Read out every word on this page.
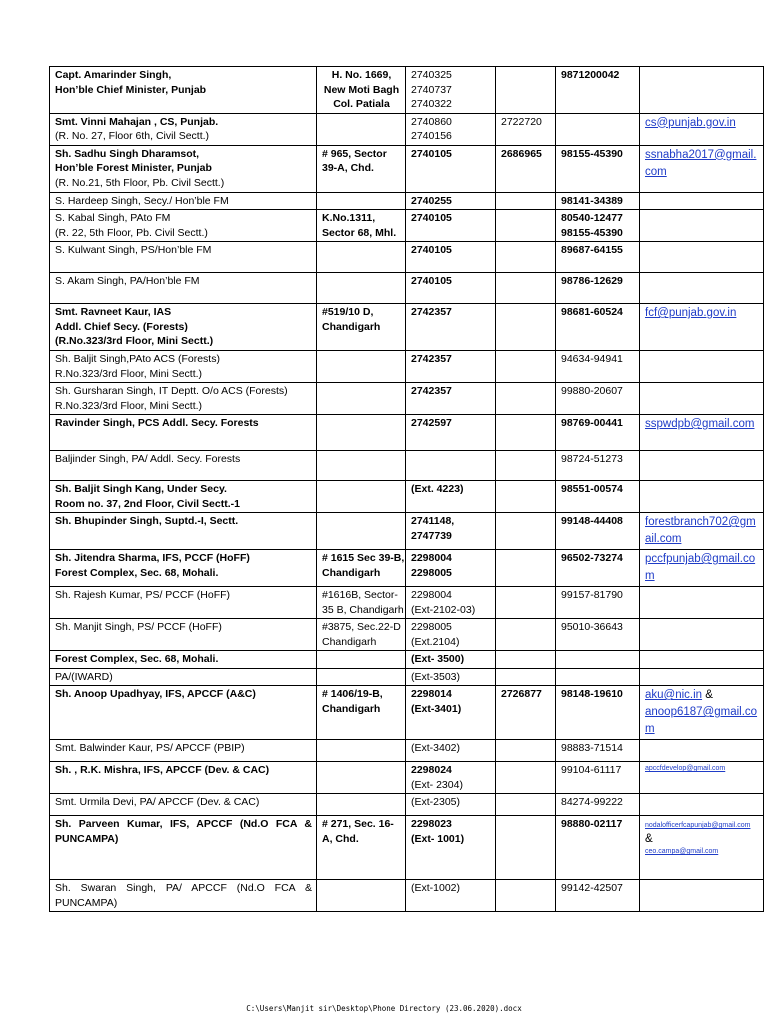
Capt. Amarinder Singh,
Hon’ble Chief Minister, Punjab	H. No. 1669,
New Moti Bagh
Col. Patiala	2740325
2740737
2740322		9871200042	

Smt. Vinni Mahajan , CS, Punjab.
(R. No. 27, Floor 6th, Civil Sectt.)		2740860
2740156	2722720		cs@punjab.gov.in

Sh. Sadhu Singh Dharamsot,
Hon’ble Forest Minister, Punjab
(R. No.21, 5th Floor, Pb. Civil Sectt.)	# 965, Sector
39-A, Chd.	2740105	2686965	98155-45390	ssnabha2017@gmail.com

S. Hardeep Singh, Secy./ Hon’ble FM		2740255		98141-34389	

S. Kabal Singh, PAto FM
(R. 22, 5th Floor, Pb. Civil Sectt.)	K.No.1311,
Sector 68, Mhl.	2740105		80540-12477
98155-45390	

S. Kulwant Singh, PS/Hon’ble FM		2740105		89687-64155	

S. Akam Singh, PA/Hon’ble FM		2740105		98786-12629	

Smt. Ravneet Kaur, IAS
Addl. Chief Secy. (Forests)
(R.No.323/3rd Floor, Mini Sectt.)	#519/10 D,
Chandigarh	2742357		98681-60524	fcf@punjab.gov.in

Sh. Baljit Singh,PAto ACS (Forests)
R.No.323/3rd Floor, Mini Sectt.)		2742357		94634-94941	

Sh. Gursharan Singh, IT Deptt. O/o ACS (Forests)
R.No.323/3rd Floor, Mini Sectt.)		2742357		99880-20607	

Ravinder Singh, PCS Addl. Secy. Forests		2742597		98769-00441	sspwdpb@gmail.com

Baljinder Singh, PA/ Addl. Secy. Forests				98724-51273	

Sh. Baljit Singh Kang, Under Secy.
Room no. 37, 2nd Floor, Civil Sectt.-1		(Ext. 4223)		98551-00574	

Sh. Bhupinder Singh, Suptd.-I, Sectt.		2741148,
2747739		99148-44408	forestbranch702@gmail.com

Sh. Jitendra Sharma, IFS, PCCF (HoFF)
Forest Complex, Sec. 68, Mohali.	# 1615 Sec 39-B,
Chandigarh	2298004
2298005		96502-73274	pccfpunjab@gmail.com

Sh. Rajesh Kumar, PS/ PCCF (HoFF)	#1616B, Sector-
35 B, Chandigarh	2298004
(Ext-2102-03)		99157-81790	

Sh. Manjit Singh, PS/ PCCF (HoFF)	#3875, Sec.22-D
Chandigarh	2298005
(Ext.2104)		95010-36643	

Forest Complex, Sec. 68, Mohali.		(Ext- 3500)			

PA/(IWARD)		(Ext-3503)			

Sh. Anoop Upadhyay, IFS, APCCF (A&C)	# 1406/19-B,
Chandigarh	2298014
(Ext-3401)	2726877	98148-19610	aku@nic.in &
anoop6187@gmail.com

Smt. Balwinder Kaur, PS/ APCCF (PBIP)		(Ext-3402)		98883-71514	

Sh. , R.K. Mishra, IFS, APCCF (Dev. & CAC)		2298024
(Ext- 2304)		99104-61117	apccfdevelop@gmail.com

Smt. Urmila Devi, PA/ APCCF (Dev. & CAC)		(Ext-2305)		84274-99222	

Sh. Parveen Kumar, IFS, APCCF (Nd.O FCA & PUNCAMPA)	# 271, Sec. 16-
A, Chd.	2298023
(Ext- 1001)		98880-02117	nodalofficerfcapunjab@gmail.com &
ceo.campa@gmail.com

Sh. Swaran Singh, PA/ APCCF (Nd.O FCA & PUNCAMPA)		(Ext-1002)		99142-42507	

C:\Users\Manjit sir\Desktop\Phone Directory (23.06.2020).docx
